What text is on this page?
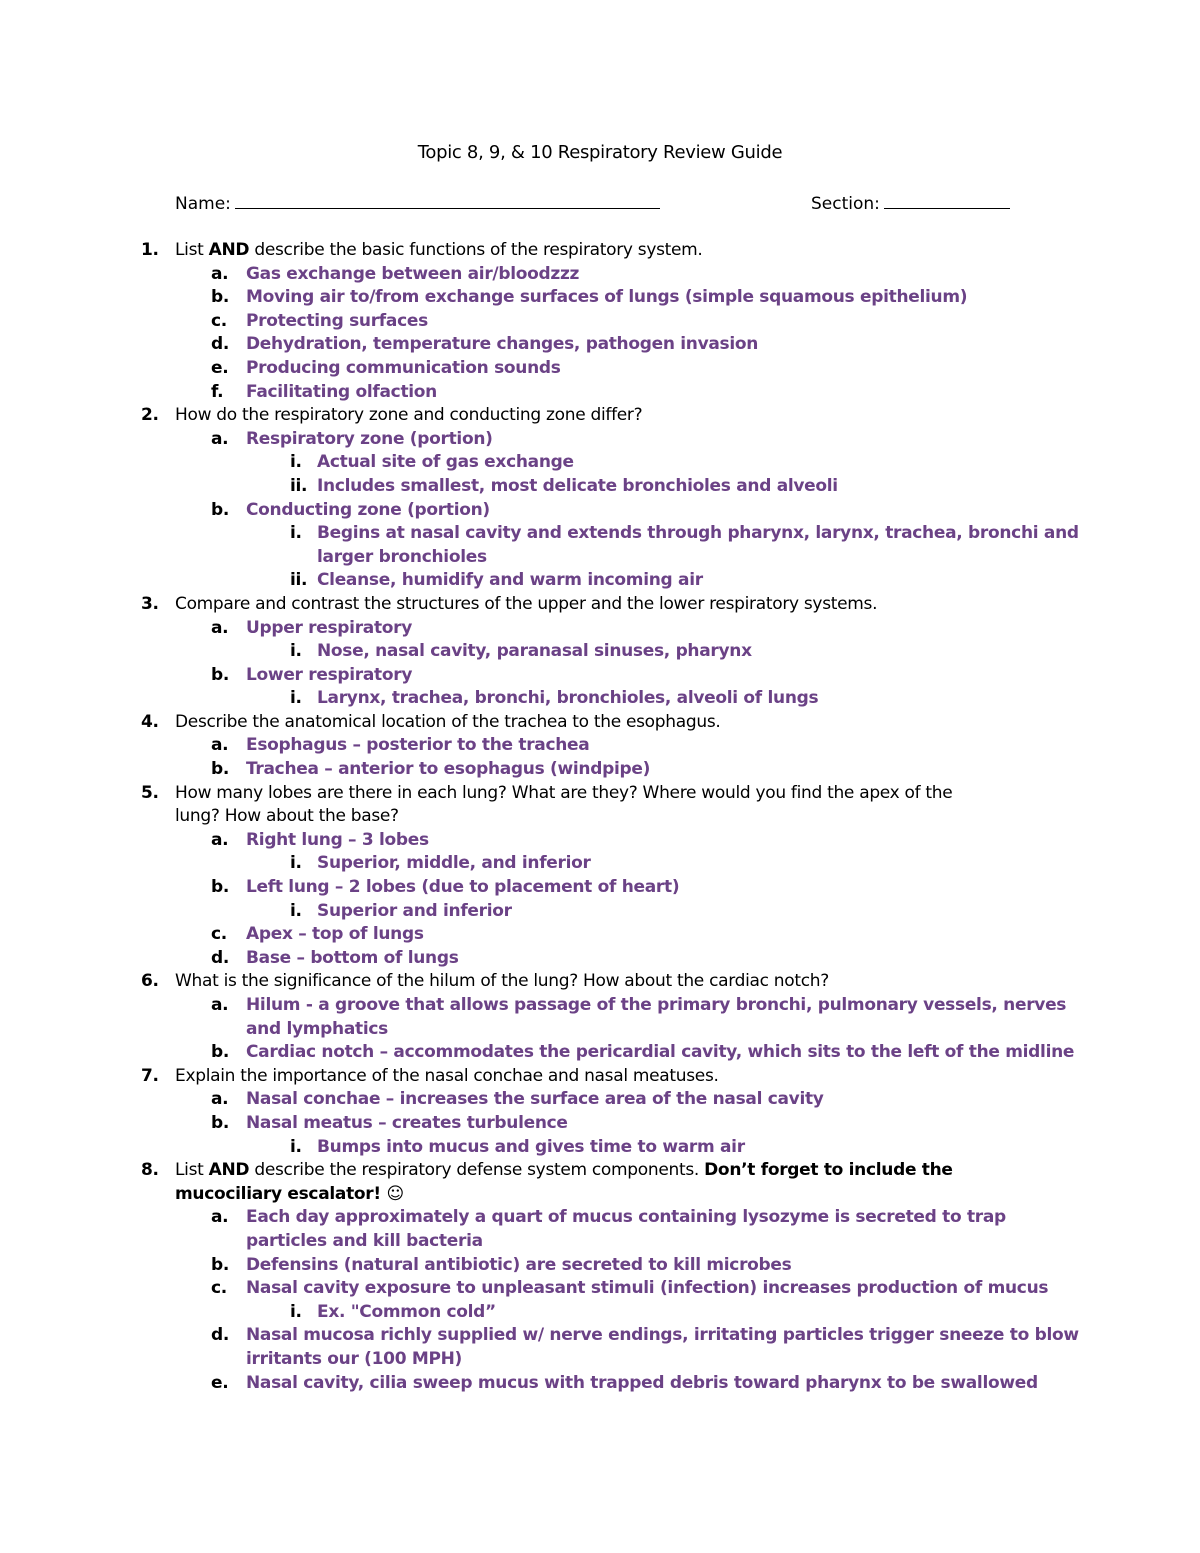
Topic 8, 9, & 10 Respiratory Review Guide
Name:	Section:
1. List AND describe the basic functions of the respiratory system.
a. Gas exchange between air/bloodzzz
b. Moving air to/from exchange surfaces of lungs (simple squamous epithelium)
c. Protecting surfaces
d. Dehydration, temperature changes, pathogen invasion
e. Producing communication sounds
f. Facilitating olfaction
2. How do the respiratory zone and conducting zone differ?
a. Respiratory zone (portion)
i. Actual site of gas exchange
ii. Includes smallest, most delicate bronchioles and alveoli
b. Conducting zone (portion)
i. Begins at nasal cavity and extends through pharynx, larynx, trachea, bronchi and
larger bronchioles
ii. Cleanse, humidify and warm incoming air
3. Compare and contrast the structures of the upper and the lower respiratory systems.
a. Upper respiratory
i. Nose, nasal cavity, paranasal sinuses, pharynx
b. Lower respiratory
i. Larynx, trachea, bronchi, bronchioles, alveoli of lungs
4. Describe the anatomical location of the trachea to the esophagus.
a. Esophagus – posterior to the trachea
b. Trachea – anterior to esophagus (windpipe)
5. How many lobes are there in each lung? What are they? Where would you find the apex of the
lung? How about the base?
a. Right lung – 3 lobes
i. Superior, middle, and inferior
b. Left lung – 2 lobes (due to placement of heart)
i. Superior and inferior
c. Apex – top of lungs
d. Base – bottom of lungs
6. What is the significance of the hilum of the lung? How about the cardiac notch?
a. Hilum - a groove that allows passage of the primary bronchi, pulmonary vessels, nerves
and lymphatics
b. Cardiac notch – accommodates the pericardial cavity, which sits to the left of the midline
7. Explain the importance of the nasal conchae and nasal meatuses.
a. Nasal conchae – increases the surface area of the nasal cavity
b. Nasal meatus – creates turbulence
i. Bumps into mucus and gives time to warm air
8. List AND describe the respiratory defense system components. Don’t forget to include the
mucociliary escalator! ☺
a. Each day approximately a quart of mucus containing lysozyme is secreted to trap
particles and kill bacteria
b. Defensins (natural antibiotic) are secreted to kill microbes
c. Nasal cavity exposure to unpleasant stimuli (infection) increases production of mucus
i. Ex. "Common cold”
d. Nasal mucosa richly supplied w/ nerve endings, irritating particles trigger sneeze to blow
irritants our (100 MPH)
e. Nasal cavity, cilia sweep mucus with trapped debris toward pharynx to be swallowed
